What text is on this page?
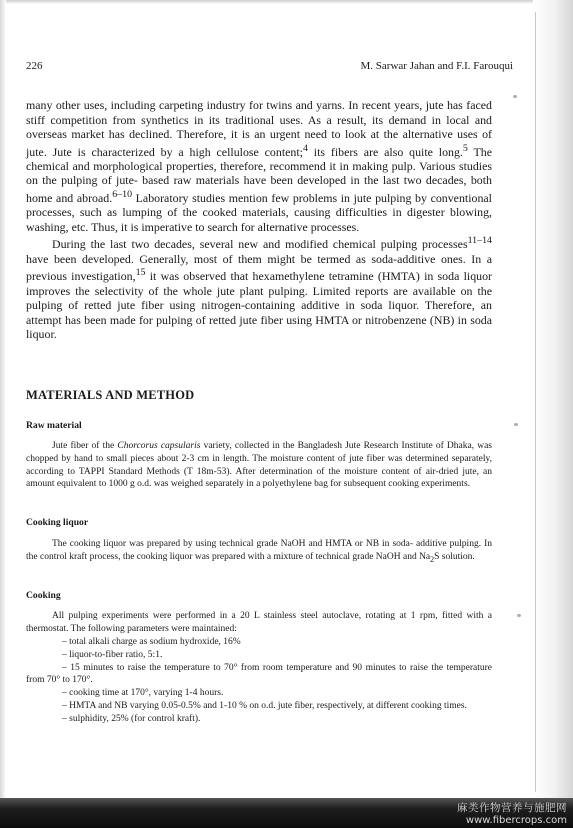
226	M. Sarwar Jahan and F.I. Farouqui

many other uses, including carpeting industry for twins and yarns. In recent years, jute has faced stiff competition from synthetics in its traditional uses. As a result, its demand in local and overseas market has declined. Therefore, it is an urgent need to look at the alternative uses of jute. Jute is characterized by a high cellulose content;$^4$ its fibers are also quite long.$^5$ The chemical and morphological properties, therefore, recommend it in making pulp. Various studies on the pulping of jute- based raw materials have been developed in the last two decades, both home and abroad.$^{6-10}$ Laboratory studies mention few problems in jute pulping by conventional processes, such as lumping of the cooked materials, causing difficulties in digester blowing, washing, etc. Thus, it is imperative to search for alternative processes.

During the last two decades, several new and modified chemical pulping processes$^{11-14}$ have been developed. Generally, most of them might be termed as soda-additive ones. In a previous investigation,$^{15}$ it was observed that hexamethylene tetramine (HMTA) in soda liquor improves the selectivity of the whole jute plant pulping. Limited reports are available on the pulping of retted jute fiber using nitrogen-containing additive in soda liquor. Therefore, an attempt has been made for pulping of retted jute fiber using HMTA or nitrobenzene (NB) in soda liquor.

MATERIALS AND METHOD
Raw material
Jute fiber of the Chorcorus capsularis variety, collected in the Bangladesh Jute Research Institute of Dhaka, was chopped by hand to small pieces about 2-3 cm in length. The moisture content of jute fiber was determined separately, according to TAPPI Standard Methods (T 18m-53). After determination of the moisture content of air-dried jute, an amount equivalent to 1000 g o.d. was weighed separately in a polyethylene bag for subsequent cooking experiments.
Cooking liquor
The cooking liquor was prepared by using technical grade NaOH and HMTA or NB in soda- additive pulping. In the control kraft process, the cooking liquor was prepared with a mixture of technical grade NaOH and $Na_2S$ solution.
Cooking
All pulping experiments were performed in a 20 L stainless steel autoclave, rotating at 1 rpm, fitted with a thermostat. The following parameters were maintained:
– total alkali charge as sodium hydroxide, 16%
– liquor-to-fiber ratio, 5:1.
– 15 minutes to raise the temperature to 70° from room temperature and 90 minutes to raise the temperature from 70° to 170°.
– cooking time at 170°, varying 1-4 hours.
– HMTA and NB varying 0.05-0.5% and 1-10 % on o.d. jute fiber, respectively, at different cooking times.
– sulphidity, 25% (for control kraft).
麻类作物营养与施肥网
www.fibercrops.com
